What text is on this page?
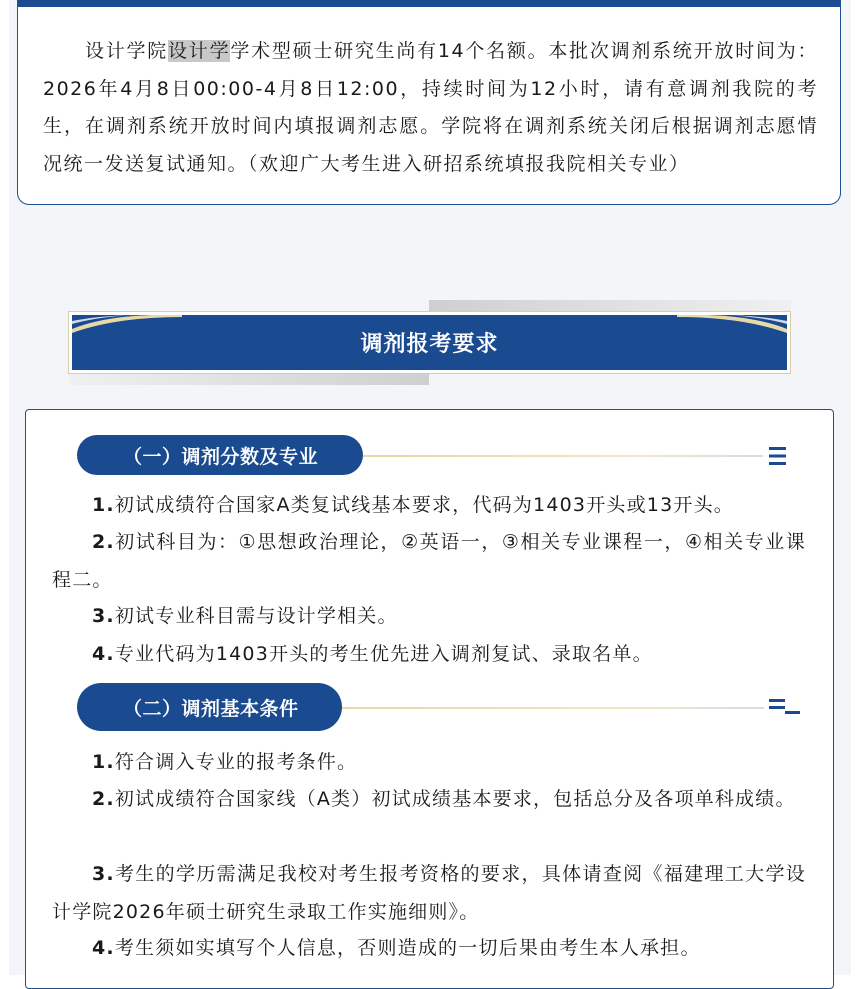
设计学院设计学学术型硕士研究生尚有14个名额。本批次调剂系统开放时间为：2026年4月8日00:00-4月8日12:00，持续时间为12小时，请有意调剂我院的考生，在调剂系统开放时间内填报调剂志愿。学院将在调剂系统关闭后根据调剂志愿情况统一发送复试通知。（欢迎广大考生进入研招系统填报我院相关专业）

调剂报考要求
（一）调剂分数及专业

1.初试成绩符合国家A类复试线基本要求，代码为1403开头或13开头。

2.初试科目为：①思想政治理论，②英语一，③相关专业课程一，④相关专业课程二。

3.初试专业科目需与设计学相关。

4.专业代码为1403开头的考生优先进入调剂复试、录取名单。

（二）调剂基本条件

1.符合调入专业的报考条件。

2.初试成绩符合国家线（A类）初试成绩基本要求，包括总分及各项单科成绩。

3.考生的学历需满足我校对考生报考资格的要求，具体请查阅《福建理工大学设计学院2026年硕士研究生录取工作实施细则》。

4.考生须如实填写个人信息，否则造成的一切后果由考生本人承担。
